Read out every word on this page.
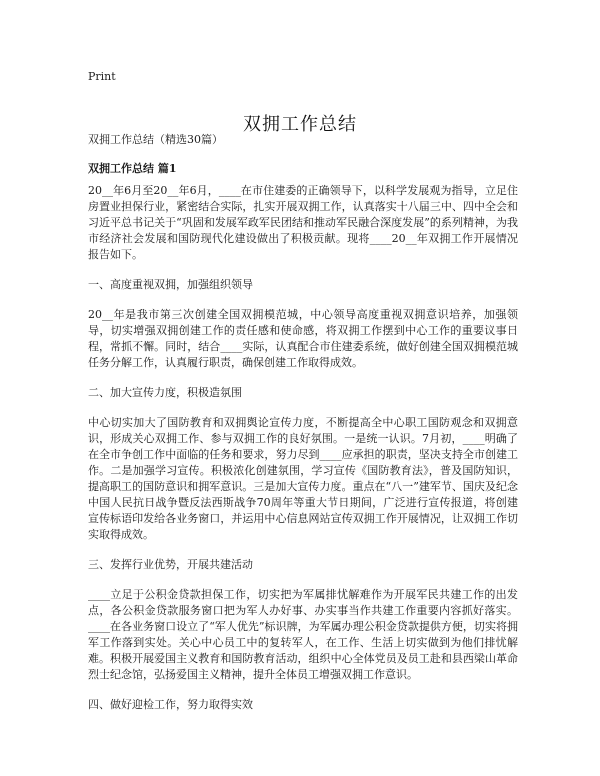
Print
双拥工作总结

双拥工作总结（精选30篇）

双拥工作总结 篇1

20__年6月至20__年6月，____在市住建委的正确领导下，以科学发展观为指导，立足住房置业担保行业，紧密结合实际，扎实开展双拥工作，认真落实十八届三中、四中全会和习近平总书记关于“巩固和发展军政军民团结和推动军民融合深度发展”的系列精神，为我市经济社会发展和国防现代化建设做出了积极贡献。现将____20__年双拥工作开展情况报告如下。

一、高度重视双拥，加强组织领导

20__年是我市第三次创建全国双拥模范城，中心领导高度重视双拥意识培养，加强领导，切实增强双拥创建工作的责任感和使命感，将双拥工作摆到中心工作的重要议事日程，常抓不懈。同时，结合____实际，认真配合市住建委系统，做好创建全国双拥模范城任务分解工作，认真履行职责，确保创建工作取得成效。

二、加大宣传力度，积极造氛围

中心切实加大了国防教育和双拥舆论宣传力度，不断提高全中心职工国防观念和双拥意识，形成关心双拥工作、参与双拥工作的良好氛围。一是统一认识。7月初，____明确了在全市争创工作中面临的任务和要求，努力尽到____应承担的职责，坚决支持全市创建工作。二是加强学习宣传。积极浓化创建氛围，学习宣传《国防教育法》，普及国防知识，提高职工的国防意识和拥军意识。三是加大宣传力度。重点在“八一”建军节、国庆及纪念中国人民抗日战争暨反法西斯战争70周年等重大节日期间，广泛进行宣传报道，将创建宣传标语印发给各业务窗口，并运用中心信息网站宣传双拥工作开展情况，让双拥工作切实取得成效。

三、发挥行业优势，开展共建活动

____立足于公积金贷款担保工作，切实把为军属排忧解难作为开展军民共建工作的出发点，各公积金贷款服务窗口把为军人办好事、办实事当作共建工作重要内容抓好落实。____在各业务窗口设立了“军人优先”标识牌，为军属办理公积金贷款提供方便，切实将拥军工作落到实处。关心中心员工中的复转军人，在工作、生活上切实做到为他们排忧解难。积极开展爱国主义教育和国防教育活动，组织中心全体党员及员工赴和县西梁山革命烈士纪念馆，弘扬爱国主义精神，提升全体员工增强双拥工作意识。

四、做好迎检工作，努力取得实效
